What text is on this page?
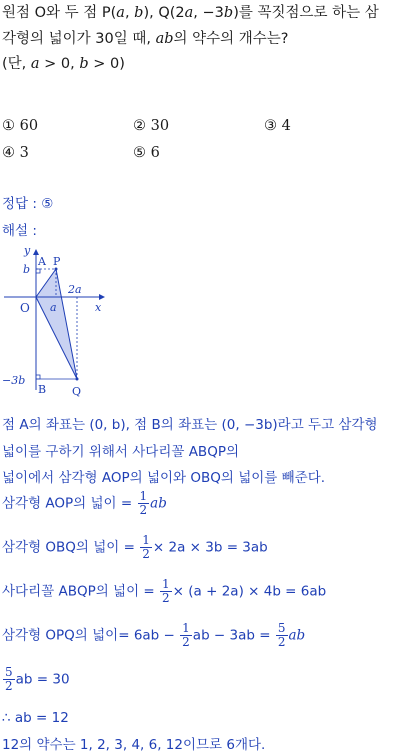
원점 O와 두 점 P(a, b), Q(2a, −3b)를 꼭짓점으로 하는 삼
각형의 넓이가 30일 때, ab의 약수의 개수는?
(단, a > 0, b > 0)
① 60	② 30	③ 4
④ 3	⑤ 6
정답 : ⑤
해설 :
y
x
O
A P
b
−3b
B Q
a
2a
점 A의 좌표는 (0, b), 점 B의 좌표는 (0, −3b)라고 두고 삼각형
넓이를 구하기 위해서 사다리꼴 ABQP의
넓이에서 삼각형 AOP의 넓이와 OBQ의 넓이를 빼준다.
삼각형 AOP의 넓이 = $\frac{1}{2}$ ab
삼각형 OBQ의 넓이 = $\frac{1}{2} \times 2a \times 3b = 3ab$
사다리꼴 ABQP의 넓이 = $\frac{1}{2} \times (a + 2a) \times 4b = 6ab$
삼각형 OPQ의 넓이= $6ab - \frac{1}{2}$ ab − $3ab = \frac{5}{2}$ ab
$\frac{5}{2}$ ab = 30
∴ ab = 12
12의 약수는 1, 2, 3, 4, 6, 12이므로 6개다.
